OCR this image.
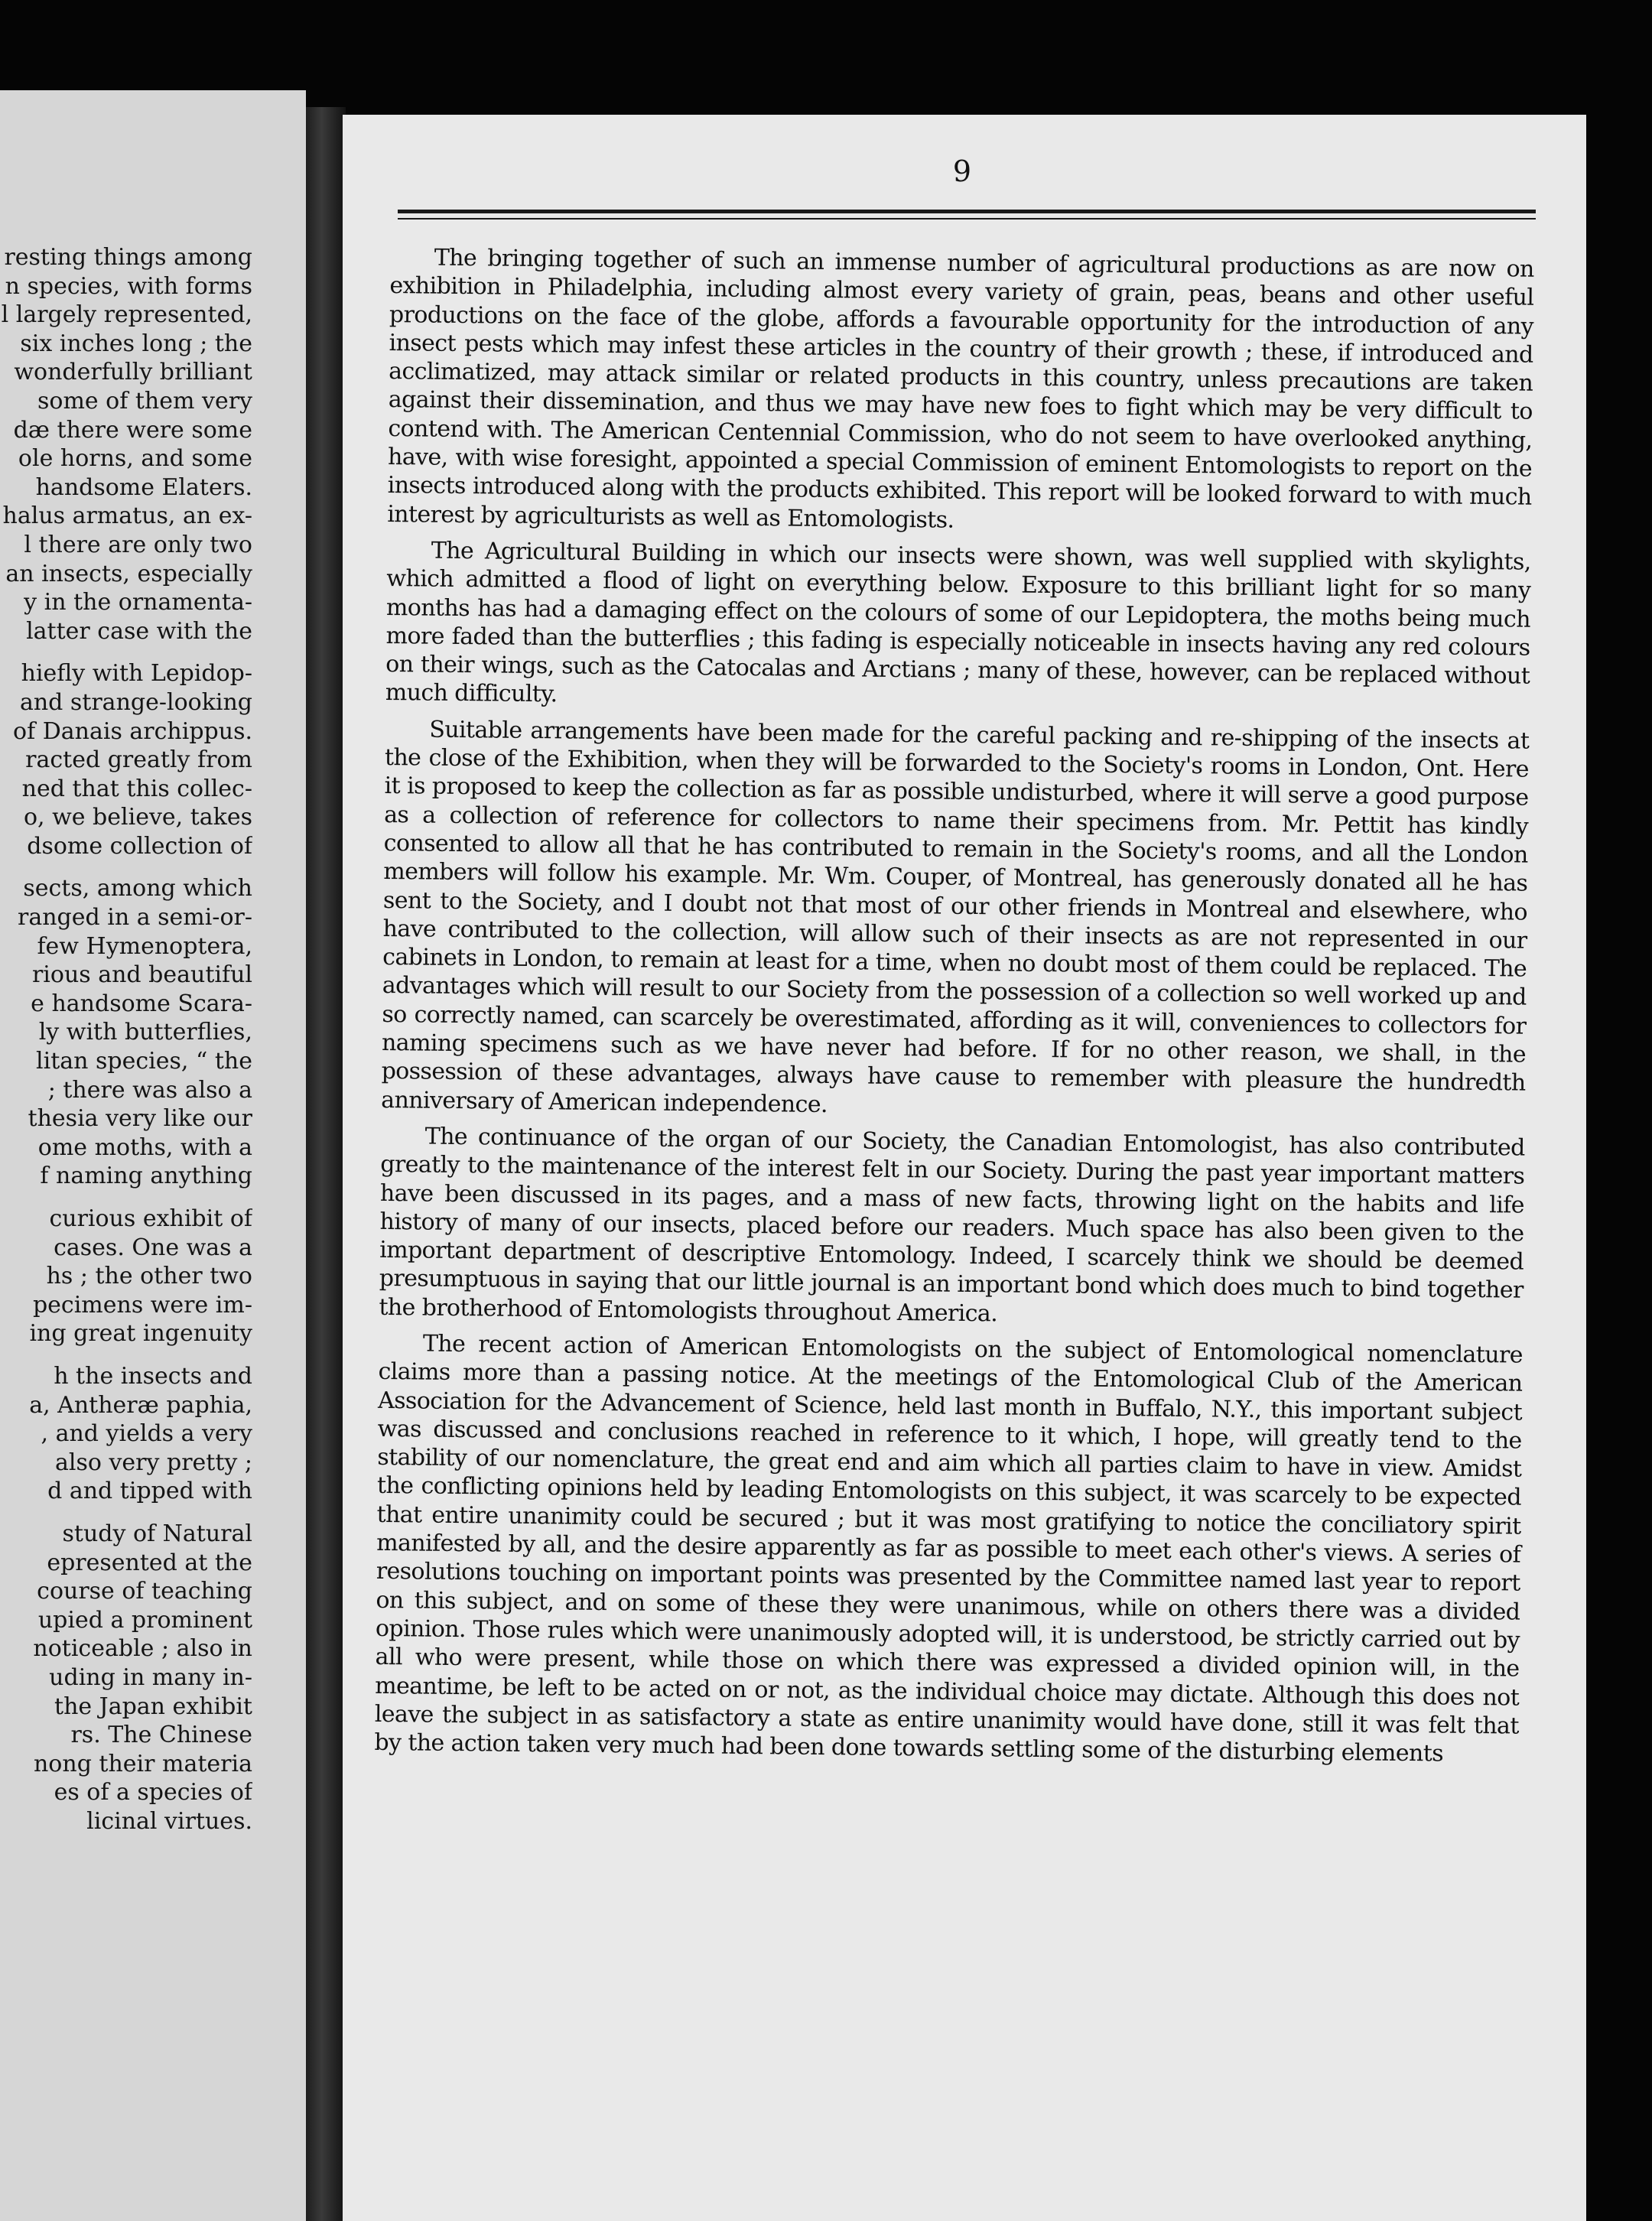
resting things among
n species, with forms
l largely represented,
six inches long ; the
wonderfully brilliant
some of them very
dæ there were some
ole horns, and some
handsome Elaters.
halus armatus, an ex-
l there are only two
an insects, especially
y in the ornamenta-
latter case with the
hiefly with Lepidop-
and strange-looking
of Danais archippus.
racted greatly from
ned that this collec-
o, we believe, takes
dsome collection of
sects, among which
ranged in a semi-or-
few Hymenoptera,
rious and beautiful
e handsome Scara-
ly with butterflies,
litan species, “ the
; there was also a
thesia very like our
ome moths, with a
f naming anything
curious exhibit of
cases. One was a
hs ; the other two
pecimens were im-
ing great ingenuity
h the insects and
a, Antheræ paphia,
, and yields a very
also very pretty ;
d and tipped with
study of Natural
epresented at the
course of teaching
upied a prominent
noticeable ; also in
uding in many in-
the Japan exhibit
rs. The Chinese
nong their materia
es of a species of
licinal virtues.
9

The bringing together of such an immense number of agricultural productions as are now on exhibition in Philadelphia, including almost every variety of grain, peas, beans and other useful productions on the face of the globe, affords a favourable opportunity for the introduction of any insect pests which may infest these articles in the country of their growth ; these, if introduced and acclimatized, may attack similar or related products in this country, unless precautions are taken against their dissemination, and thus we may have new foes to fight which may be very difficult to contend with. The American Centennial Commission, who do not seem to have overlooked anything, have, with wise foresight, appointed a special Commission of eminent Entomologists to report on the insects introduced along with the products exhibited. This report will be looked forward to with much interest by agriculturists as well as Entomologists.

The Agricultural Building in which our insects were shown, was well supplied with skylights, which admitted a flood of light on everything below. Exposure to this brilliant light for so many months has had a damaging effect on the colours of some of our Lepidoptera, the moths being much more faded than the butterflies ; this fading is especially noticeable in insects having any red colours on their wings, such as the Catocalas and Arctians ; many of these, however, can be replaced without much difficulty.

Suitable arrangements have been made for the careful packing and re-shipping of the insects at the close of the Exhibition, when they will be forwarded to the Society's rooms in London, Ont. Here it is proposed to keep the collection as far as possible undisturbed, where it will serve a good purpose as a collection of reference for collectors to name their specimens from. Mr. Pettit has kindly consented to allow all that he has contributed to remain in the Society's rooms, and all the London members will follow his example. Mr. Wm. Couper, of Montreal, has generously donated all he has sent to the Society, and I doubt not that most of our other friends in Montreal and elsewhere, who have contributed to the collection, will allow such of their insects as are not represented in our cabinets in London, to remain at least for a time, when no doubt most of them could be replaced. The advantages which will result to our Society from the possession of a collection so well worked up and so correctly named, can scarcely be overestimated, affording as it will, conveniences to collectors for naming specimens such as we have never had before. If for no other reason, we shall, in the possession of these advantages, always have cause to remember with pleasure the hundredth anniversary of American independence.

The continuance of the organ of our Society, the Canadian Entomologist, has also contributed greatly to the maintenance of the interest felt in our Society. During the past year important matters have been discussed in its pages, and a mass of new facts, throwing light on the habits and life history of many of our insects, placed before our readers. Much space has also been given to the important department of descriptive Entomology. Indeed, I scarcely think we should be deemed presumptuous in saying that our little journal is an important bond which does much to bind together the brotherhood of Entomologists throughout America.

The recent action of American Entomologists on the subject of Entomological nomenclature claims more than a passing notice. At the meetings of the Entomological Club of the American Association for the Advancement of Science, held last month in Buffalo, N.Y., this important subject was discussed and conclusions reached in reference to it which, I hope, will greatly tend to the stability of our nomenclature, the great end and aim which all parties claim to have in view. Amidst the conflicting opinions held by leading Entomologists on this subject, it was scarcely to be expected that entire unanimity could be secured ; but it was most gratifying to notice the conciliatory spirit manifested by all, and the desire apparently as far as possible to meet each other's views. A series of resolutions touching on important points was presented by the Committee named last year to report on this subject, and on some of these they were unanimous, while on others there was a divided opinion. Those rules which were unanimously adopted will, it is understood, be strictly carried out by all who were present, while those on which there was expressed a divided opinion will, in the meantime, be left to be acted on or not, as the individual choice may dictate. Although this does not leave the subject in as satisfactory a state as entire unanimity would have done, still it was felt that by the action taken very much had been done towards settling some of the disturbing elements
